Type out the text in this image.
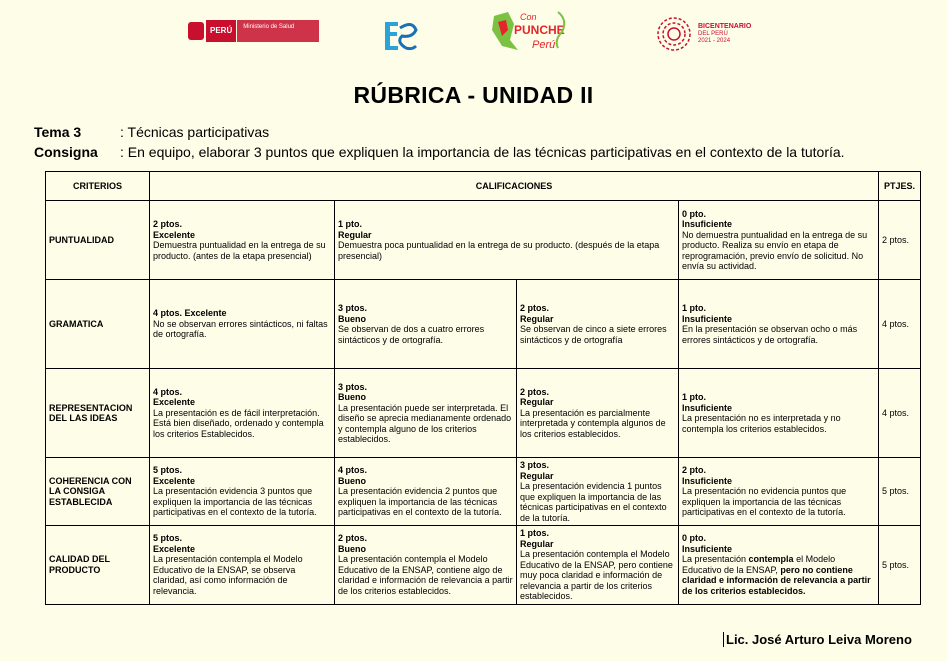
PERÚ	Ministerio de Salud
Con
PUNCHE
Perú
BICENTENARIO
DEL PERÚ
2021 - 2024
RÚBRICA - UNIDAD II
Tema 3	: Técnicas participativas
Consigna : En equipo, elaborar 3 puntos que expliquen la importancia de las técnicas participativas en el contexto de la tutoría.
CRITERIOS	CALIFICACIONES				PTJES.
PUNTUALIDAD	2 ptos.
Excelente
Demuestra puntualidad en la entrega de su producto. (antes de la etapa presencial)	1 pto.
Regular
Demuestra poca puntualidad en la entrega de su producto. (después de la etapa presencial)		0 pto.
Insuficiente
No demuestra puntualidad en la entrega de su producto. Realiza su envío en etapa de reprogramación, previo envío de solicitud. No envía su actividad.	2 ptos.
GRAMATICA	4 ptos. Excelente
No se observan errores sintácticos, ni faltas de ortografía.	3 ptos.
Bueno
Se observan de dos a cuatro errores sintácticos y de ortografía.	2 ptos.
Regular
Se observan de cinco a siete errores sintácticos y de ortografía	1 pto.
Insuficiente
En la presentación se observan ocho o más errores sintácticos y de ortografía.	4 ptos.
REPRESENTACION DEL LAS IDEAS	4 ptos.
Excelente
La presentación es de fácil interpretación. Está bien diseñado, ordenado y contempla los criterios Establecidos.	3 ptos.
Bueno
La presentación puede ser interpretada. El diseño se aprecia medianamente ordenado y contempla alguno de los criterios establecidos.	2 ptos.
Regular
La presentación es parcialmente interpretada y contempla algunos de los criterios establecidos.	1 pto.
Insuficiente
La presentación no es interpretada y no contempla los criterios establecidos.	4 ptos.
COHERENCIA CON LA CONSIGA ESTABLECIDA	5 ptos.
Excelente
La presentación evidencia 3 puntos que expliquen la importancia de las técnicas participativas en el contexto de la tutoría.	4 ptos.
Bueno
La presentación evidencia 2 puntos que expliquen la importancia de las técnicas participativas en el contexto de la tutoría.	3 ptos.
Regular
La presentación evidencia 1 puntos que expliquen la importancia de las técnicas participativas en el contexto de la tutoría.	2 pto.
Insuficiente
La presentación no evidencia puntos que expliquen la importancia de las técnicas participativas en el contexto de la tutoría.	5 ptos.
CALIDAD DEL PRODUCTO	5 ptos.
Excelente
La presentación contempla el Modelo Educativo de la ENSAP, se observa claridad, así como información de relevancia.	2 ptos.
Bueno
La presentación contempla el Modelo Educativo de la ENSAP, contiene algo de claridad e información de relevancia a partir de los criterios establecidos.	1 ptos.
Regular
La presentación contempla el Modelo Educativo de la ENSAP, pero contiene muy poca claridad e información de relevancia a partir de los criterios establecidos.	0 pto.
Insuficiente
La presentación contempla el Modelo Educativo de la ENSAP, pero no contiene claridad e información de relevancia a partir de los criterios establecidos.	5 ptos.
Lic. José Arturo Leiva Moreno
